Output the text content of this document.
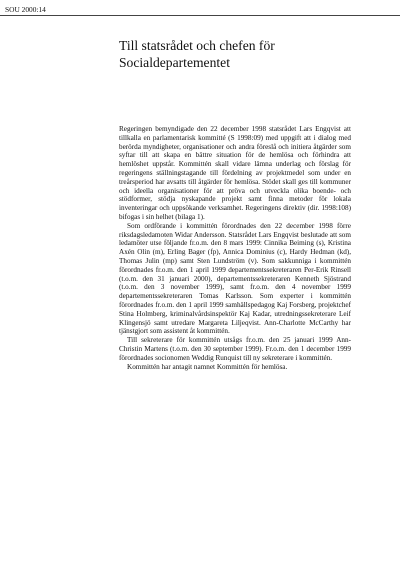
SOU 2000:14
Till statsrådet och chefen för Socialdepartementet

Regeringen bemyndigade den 22 december 1998 statsrådet Lars Engqvist att tillkalla en parlamentarisk kommitté (S 1998:09) med uppgift att i dialog med berörda myndigheter, organisationer och andra föreslå och initiera åtgärder som syftar till att skapa en bättre situation för de hemlösa och förhindra att hemlöshet uppstår. Kommittén skall vidare lämna underlag och förslag för regeringens ställningstagande till fördelning av projektmedel som under en treårsperiod har avsatts till åtgärder för hemlösa. Stödet skall ges till kommuner och ideella organisationer för att pröva och utveckla olika boende- och stödformer, stödja nyskapande projekt samt finna metoder för lokala inventeringar och uppsökande verksamhet. Regeringens direktiv (dir. 1998:108) bifogas i sin helhet (bilaga 1).

Som ordförande i kommittén förordnades den 22 december 1998 förre riksdagsledamoten Widar Andersson. Statsrådet Lars Engqvist beslutade att som ledamöter utse följande fr.o.m. den 8 mars 1999: Cinnika Beiming (s), Kristina Axén Olin (m), Erling Bager (fp), Annica Dominius (c), Hardy Hedman (kd), Thomas Julin (mp) samt Sten Lundström (v). Som sakkunniga i kommittén förordnades fr.o.m. den 1 april 1999 departementssekreteraren Per-Erik Rinsell (t.o.m. den 31 januari 2000), departementssekreteraren Kenneth Sjöstrand (t.o.m. den 3 november 1999), samt fr.o.m. den 4 november 1999 departementssekreteraren Tomas Karlsson. Som experter i kommittén förordnades fr.o.m. den 1 april 1999 samhällspedagog Kaj Forsberg, projektchef Stina Holmberg, kriminalvårdsinspektör Kaj Kadar, utredningssekreterare Leif Klingensjö samt utredare Margareta Liljeqvist. Ann-Charlotte McCarthy har tjänstgjort som assistent åt kommittén.

Till sekreterare för kommittén utsågs fr.o.m. den 25 januari 1999 Ann-Christin Martens (t.o.m. den 30 september 1999). Fr.o.m. den 1 december 1999 förordnades socionomen Weddig Runquist till ny sekreterare i kommittén.

Kommittén har antagit namnet Kommittén för hemlösa.
